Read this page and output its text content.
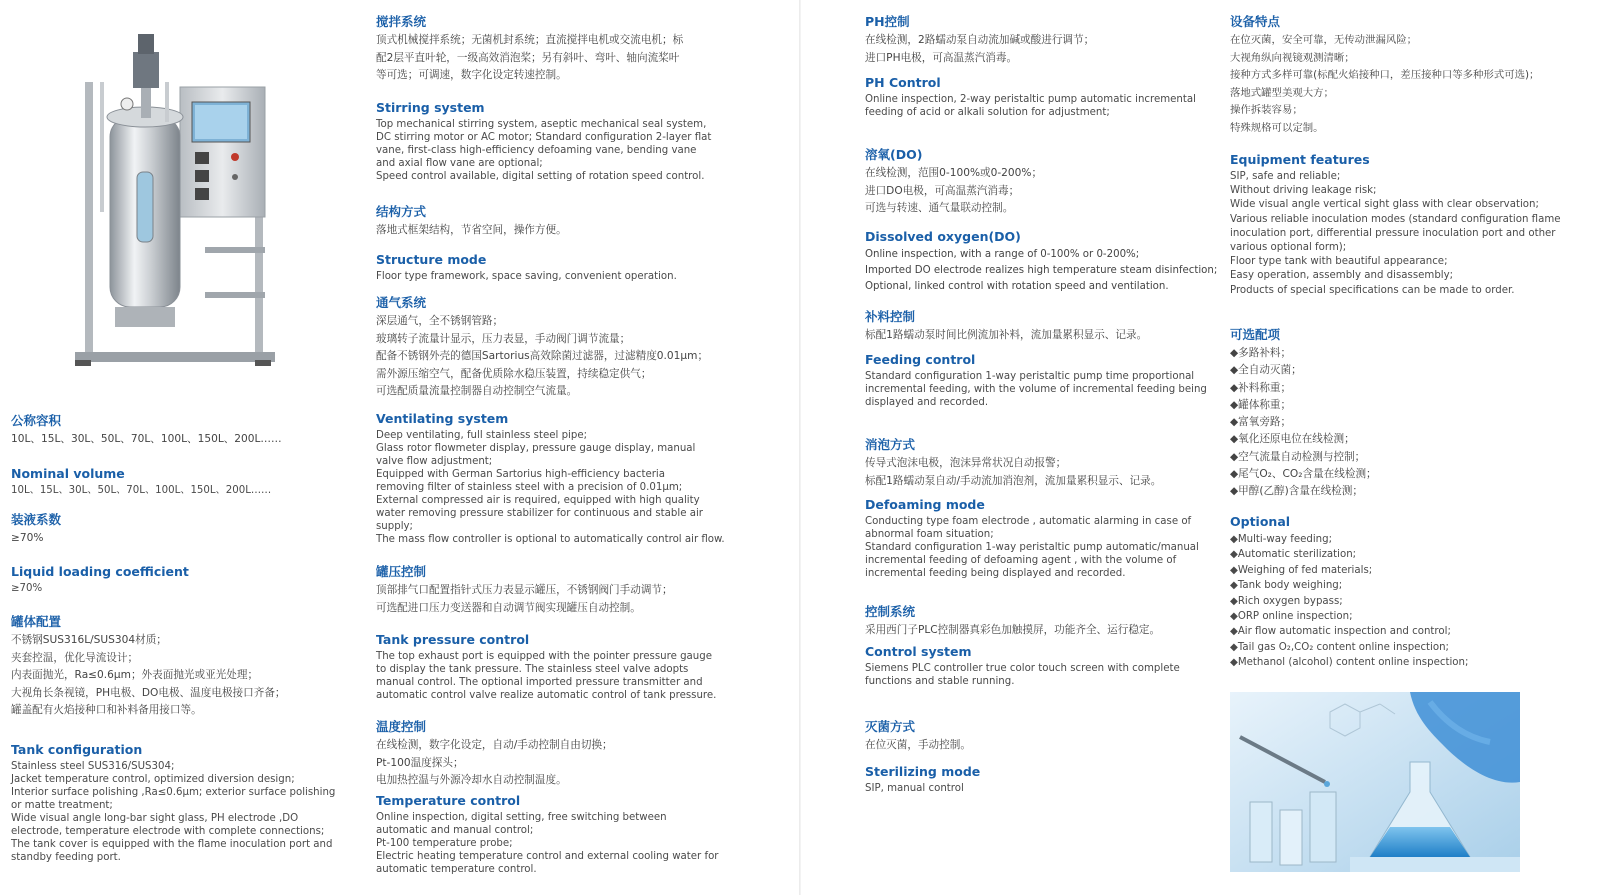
公称容积
10L、15L、30L、50L、70L、100L、150L、200L……
Nominal volume
10L、15L、30L、50L、70L、100L、150L、200L……
装液系数
≥70%
Liquid loading coefficient
≥70%
罐体配置
不锈钢SUS316L/SUS304材质；
夹套控温，优化导流设计；
内表面抛光，Ra≤0.6μm；外表面抛光或亚光处理；
大视角长条视镜，PH电极、DO电极、温度电极接口齐备；
罐盖配有火焰接种口和补料备用接口等。
Tank configuration
Stainless steel SUS316/SUS304;
Jacket temperature control, optimized diversion design;
Interior surface polishing ,Ra≤0.6μm; exterior surface polishing
or matte treatment;
Wide visual angle long-bar sight glass, PH electrode ,DO
electrode, temperature electrode with complete connections;
The tank cover is equipped with the flame inoculation port and
standby feeding port.
搅拌系统
顶式机械搅拌系统；无菌机封系统；直流搅拌电机或交流电机；标
配2层平直叶轮，一级高效消泡桨；另有斜叶、弯叶、轴向流桨叶
等可选；可调速，数字化设定转速控制。
Stirring system
Top mechanical stirring system, aseptic mechanical seal system,
DC stirring motor or AC motor; Standard configuration 2-layer flat
vane, first-class high-efficiency defoaming vane, bending vane
and axial flow vane are optional;
Speed control available, digital setting of rotation speed control.
结构方式
落地式框架结构，节省空间，操作方便。
Structure mode
Floor type framework, space saving, convenient operation.
通气系统
深层通气，全不锈钢管路；
玻璃转子流量计显示，压力表显，手动阀门调节流量；
配备不锈钢外壳的德国Sartorius高效除菌过滤器，过滤精度0.01μm；
需外源压缩空气，配备优质除水稳压装置，持续稳定供气；
可选配质量流量控制器自动控制空气流量。
Ventilating system
Deep ventilating, full stainless steel pipe;
Glass rotor flowmeter display, pressure gauge display, manual
valve flow adjustment;
Equipped with German Sartorius high-efficiency bacteria
removing filter of stainless steel with a precision of 0.01μm;
External compressed air is required, equipped with high quality
water removing pressure stabilizer for continuous and stable air
supply;
The mass flow controller is optional to automatically control air flow.
罐压控制
顶部排气口配置指针式压力表显示罐压，不锈钢阀门手动调节；
可选配进口压力变送器和自动调节阀实现罐压自动控制。
Tank pressure control
The top exhaust port is equipped with the pointer pressure gauge
to display the tank pressure. The stainless steel valve adopts
manual control. The optional imported pressure transmitter and
automatic control valve realize automatic control of tank pressure.
温度控制
在线检测，数字化设定，自动/手动控制自由切换；
Pt-100温度探头；
电加热控温与外源冷却水自动控制温度。
Temperature control
Online inspection, digital setting, free switching between
automatic and manual control;
Pt-100 temperature probe;
Electric heating temperature control and external cooling water for
automatic temperature control.
PH控制
在线检测，2路蠕动泵自动流加碱或酸进行调节；
进口PH电极，可高温蒸汽消毒。
PH Control
Online inspection, 2-way peristaltic pump automatic incremental
feeding of acid or alkali solution for adjustment;
溶氧(DO)
在线检测，范围0-100%或0-200%；
进口DO电极，可高温蒸汽消毒；
可选与转速、通气量联动控制。
Dissolved oxygen(DO)
Online inspection, with a range of 0-100% or 0-200%;
Imported DO electrode realizes high temperature steam disinfection;
Optional, linked control with rotation speed and ventilation.
补料控制
标配1路蠕动泵时间比例流加补料，流加量累积显示、记录。
Feeding control
Standard configuration 1-way peristaltic pump time proportional
incremental feeding, with the volume of incremental feeding being
displayed and recorded.
消泡方式
传导式泡沫电极，泡沫异常状况自动报警；
标配1路蠕动泵自动/手动流加消泡剂，流加量累积显示、记录。
Defoaming mode
Conducting type foam electrode , automatic alarming in case of
abnormal foam situation;
Standard configuration 1-way peristaltic pump automatic/manual
incremental feeding of defoaming agent , with the volume of
incremental feeding being displayed and recorded.
控制系统
采用西门子PLC控制器真彩色加触摸屏，功能齐全、运行稳定。
Control system
Siemens PLC controller true color touch screen with complete
functions and stable running.
灭菌方式
在位灭菌，手动控制。
Sterilizing mode
SIP, manual control
设备特点
在位灭菌，安全可靠，无传动泄漏风险；
大视角纵向视镜观测清晰；
接种方式多样可靠(标配火焰接种口，差压接种口等多种形式可选)；
落地式罐型美观大方；
操作拆装容易；
特殊规格可以定制。
Equipment features
SIP, safe and reliable;
Without driving leakage risk;
Wide visual angle vertical sight glass with clear observation;
Various reliable inoculation modes (standard configuration flame
inoculation port, differential pressure inoculation port and other
various optional form);
Floor type tank with beautiful appearance;
Easy operation, assembly and disassembly;
Products of special specifications can be made to order.
可选配项
◆多路补料；
◆全自动灭菌；
◆补料称重；
◆罐体称重；
◆富氧旁路；
◆氧化还原电位在线检测；
◆空气流量自动检测与控制；
◆尾气O₂、CO₂含量在线检测；
◆甲醇(乙醇)含量在线检测；
Optional
◆Multi-way feeding;
◆Automatic sterilization;
◆Weighing of fed materials;
◆Tank body weighing;
◆Rich oxygen bypass;
◆ORP online inspection;
◆Air flow automatic inspection and control;
◆Tail gas O₂,CO₂ content online inspection;
◆Methanol (alcohol) content online inspection;
